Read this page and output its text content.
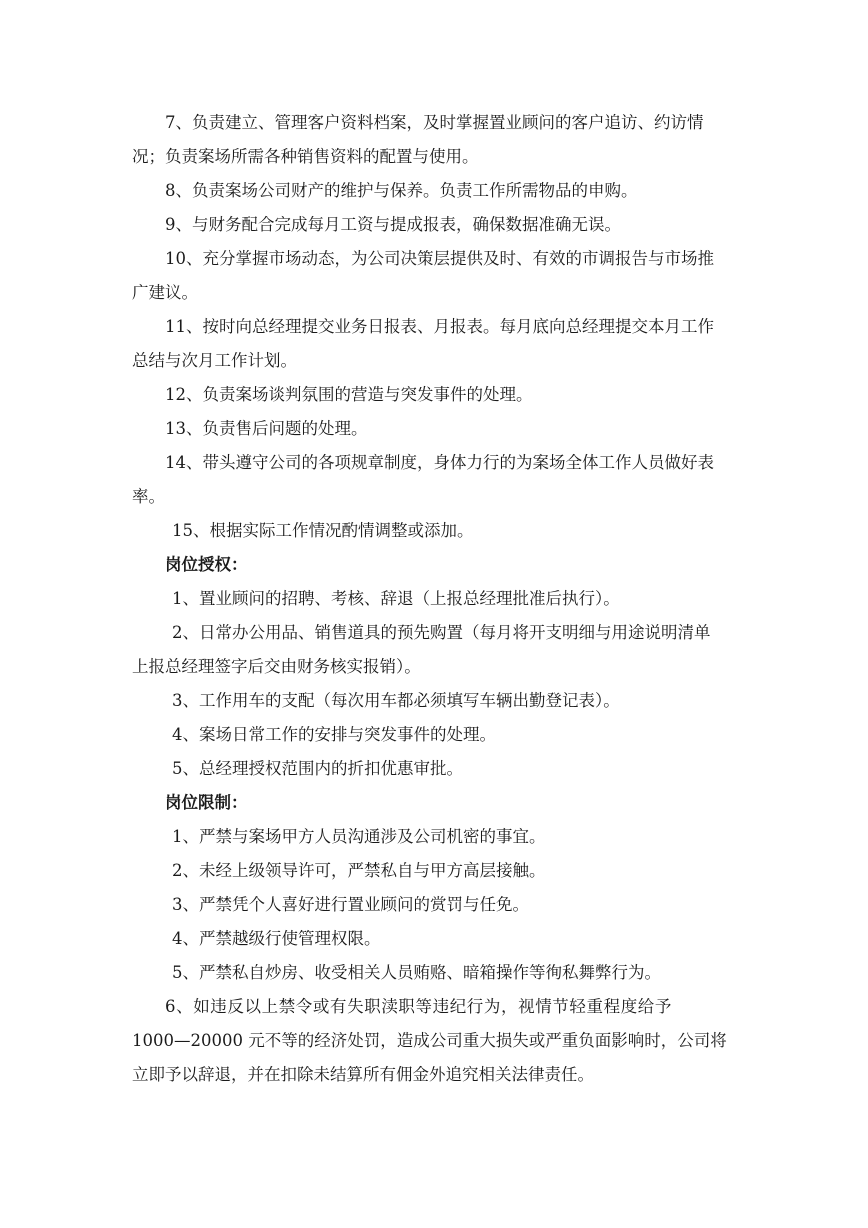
7、负责建立、管理客户资料档案，及时掌握置业顾问的客户追访、约访情
况；负责案场所需各种销售资料的配置与使用。

8、负责案场公司财产的维护与保养。负责工作所需物品的申购。

9、与财务配合完成每月工资与提成报表，确保数据准确无误。

10、充分掌握市场动态，为公司决策层提供及时、有效的市调报告与市场推
广建议。

11、按时向总经理提交业务日报表、月报表。每月底向总经理提交本月工作
总结与次月工作计划。

12、负责案场谈判氛围的营造与突发事件的处理。

13、负责售后问题的处理。

14、带头遵守公司的各项规章制度，身体力行的为案场全体工作人员做好表
率。

15、根据实际工作情况酌情调整或添加。

岗位授权：

1、置业顾问的招聘、考核、辞退（上报总经理批准后执行）。

2、日常办公用品、销售道具的预先购置（每月将开支明细与用途说明清单
上报总经理签字后交由财务核实报销）。

3、工作用车的支配（每次用车都必须填写车辆出勤登记表）。

4、案场日常工作的安排与突发事件的处理。

5、总经理授权范围内的折扣优惠审批。

岗位限制：

1、严禁与案场甲方人员沟通涉及公司机密的事宜。

2、未经上级领导许可，严禁私自与甲方高层接触。

3、严禁凭个人喜好进行置业顾问的赏罚与任免。

4、严禁越级行使管理权限。

5、严禁私自炒房、收受相关人员贿赂、暗箱操作等徇私舞弊行为。

6、如违反以上禁令或有失职渎职等违纪行为，视情节轻重程度给予
1000—20000 元不等的经济处罚，造成公司重大损失或严重负面影响时，公司将
立即予以辞退，并在扣除未结算所有佣金外追究相关法律责任。
